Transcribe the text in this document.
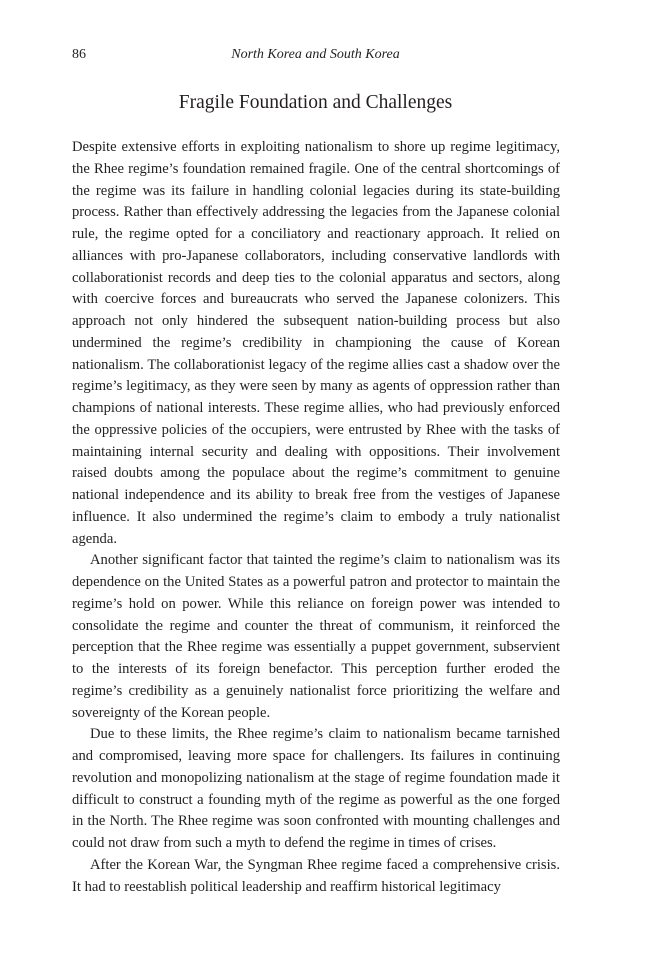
86	North Korea and South Korea
Fragile Foundation and Challenges

Despite extensive efforts in exploiting nationalism to shore up regime legitimacy, the Rhee regime’s foundation remained fragile. One of the central shortcomings of the regime was its failure in handling colonial legacies during its state-building process. Rather than effectively addressing the legacies from the Japanese colonial rule, the regime opted for a conciliatory and reactionary approach. It relied on alliances with pro-Japanese collaborators, including conservative landlords with collaborationist records and deep ties to the colonial apparatus and sectors, along with coercive forces and bureaucrats who served the Japanese colonizers. This approach not only hindered the subsequent nation-building process but also undermined the regime’s credibility in championing the cause of Korean nationalism. The collaborationist legacy of the regime allies cast a shadow over the regime’s legitimacy, as they were seen by many as agents of oppression rather than champions of national interests. These regime allies, who had previously enforced the oppressive policies of the occupiers, were entrusted by Rhee with the tasks of maintaining internal security and dealing with oppositions. Their involvement raised doubts among the populace about the regime’s commitment to genuine national independence and its ability to break free from the vestiges of Japanese influence. It also undermined the regime’s claim to embody a truly nationalist agenda.

Another significant factor that tainted the regime’s claim to nationalism was its dependence on the United States as a powerful patron and protector to maintain the regime’s hold on power. While this reliance on foreign power was intended to consolidate the regime and counter the threat of communism, it reinforced the perception that the Rhee regime was essentially a puppet government, subservient to the interests of its foreign benefactor. This perception further eroded the regime’s credibility as a genuinely nationalist force prioritizing the welfare and sovereignty of the Korean people.

Due to these limits, the Rhee regime’s claim to nationalism became tarnished and compromised, leaving more space for challengers. Its failures in continuing revolution and monopolizing nationalism at the stage of regime foundation made it difficult to construct a founding myth of the regime as powerful as the one forged in the North. The Rhee regime was soon confronted with mounting challenges and could not draw from such a myth to defend the regime in times of crises.

After the Korean War, the Syngman Rhee regime faced a comprehensive crisis. It had to reestablish political leadership and reaffirm historical legitimacy
